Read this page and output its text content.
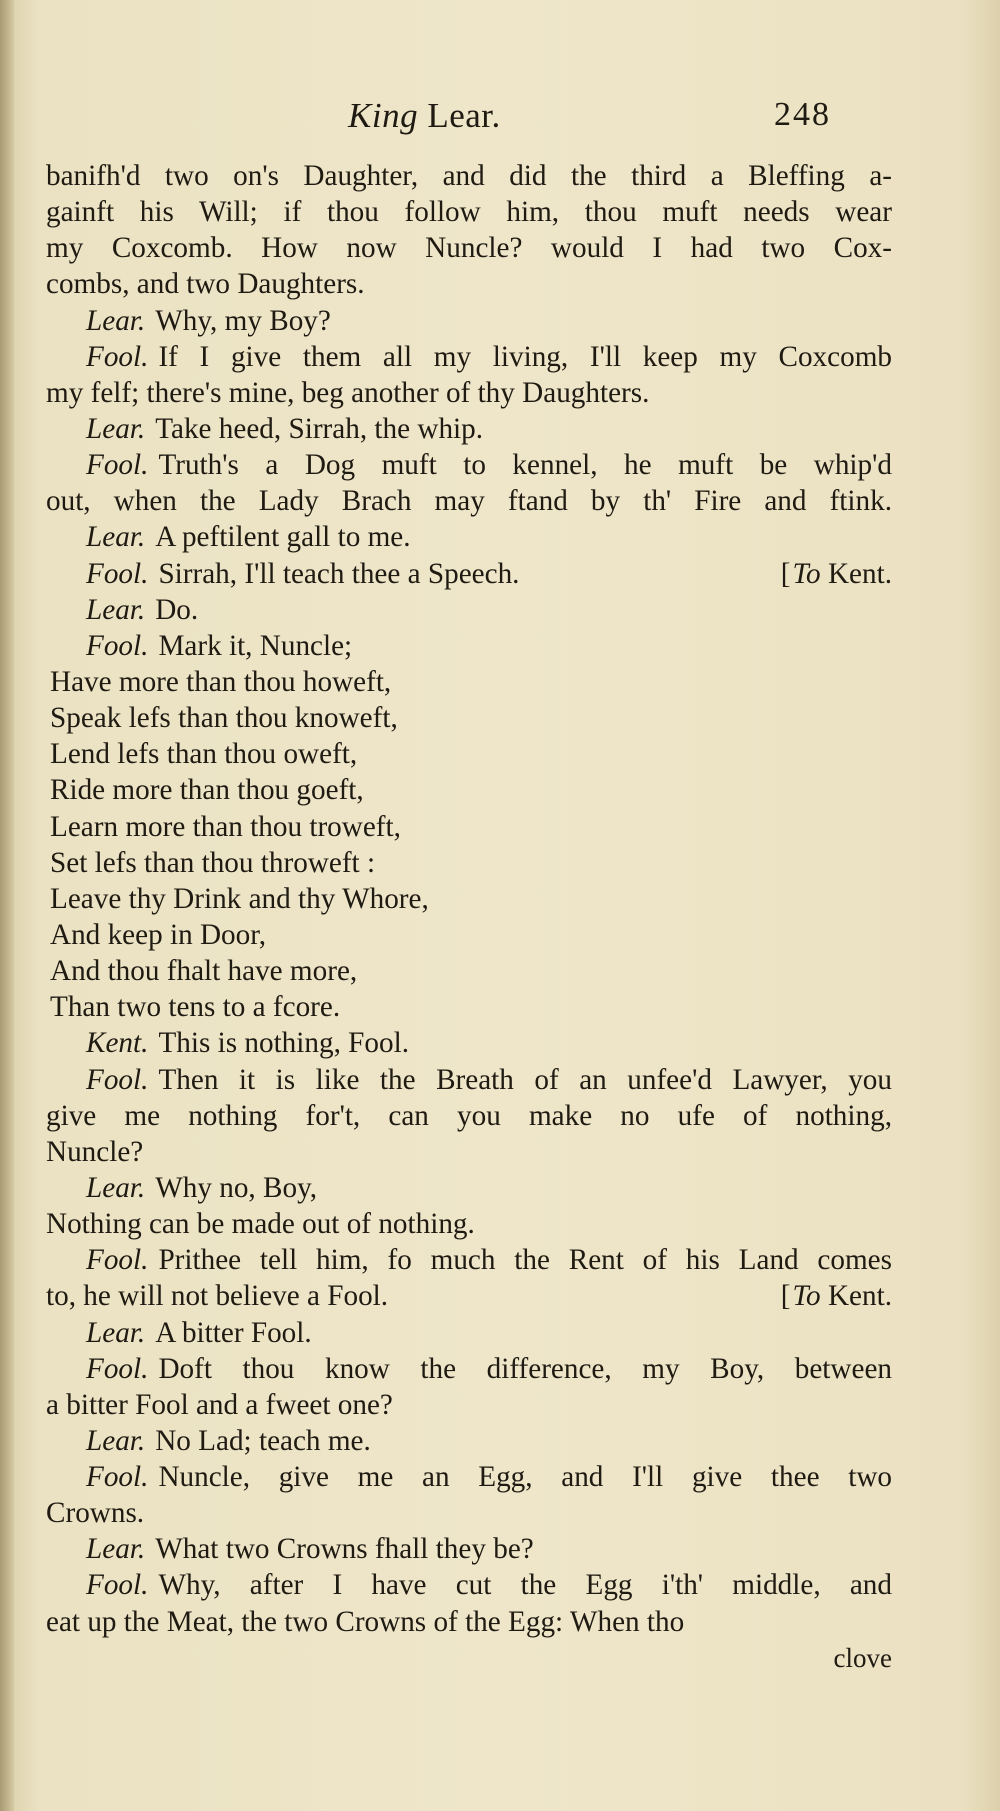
King Lear.	248
banifh'd two on's Daughter, and did the third a Bleffing a-
gainft his Will; if thou follow him, thou muft needs wear
my Coxcomb. How now Nuncle? would I had two Cox-
combs, and two Daughters.
Lear. Why, my Boy?
Fool. If I give them all my living, I'll keep my Coxcomb
my felf; there's mine, beg another of thy Daughters.
Lear. Take heed, Sirrah, the whip.
Fool. Truth's a Dog muft to kennel, he muft be whip'd
out, when the Lady Brach may ftand by th' Fire and ftink.
Lear. A peftilent gall to me.
Fool. Sirrah, I'll teach thee a Speech.	[To Kent.
Lear. Do.
Fool. Mark it, Nuncle;
Have more than thou howeft,
Speak lefs than thou knoweft,
Lend lefs than thou oweft,
Ride more than thou goeft,
Learn more than thou troweft,
Set lefs than thou throweft :
Leave thy Drink and thy Whore,
And keep in Door,
And thou fhalt have more,
Than two tens to a fcore.
Kent. This is nothing, Fool.
Fool. Then it is like the Breath of an unfee'd Lawyer, you
give me nothing for't, can you make no ufe of nothing,
Nuncle?
Lear. Why no, Boy,
Nothing can be made out of nothing.
Fool. Prithee tell him, fo much the Rent of his Land comes
to, he will not believe a Fool.	[To Kent.
Lear. A bitter Fool.
Fool. Doft thou know the difference, my Boy, between
a bitter Fool and a fweet one?
Lear. No Lad; teach me.
Fool. Nuncle, give me an Egg, and I'll give thee two
Crowns.
Lear. What two Crowns fhall they be?
Fool. Why, after I have cut the Egg i'th' middle, and
eat up the Meat, the two Crowns of the Egg: When tho
clove
